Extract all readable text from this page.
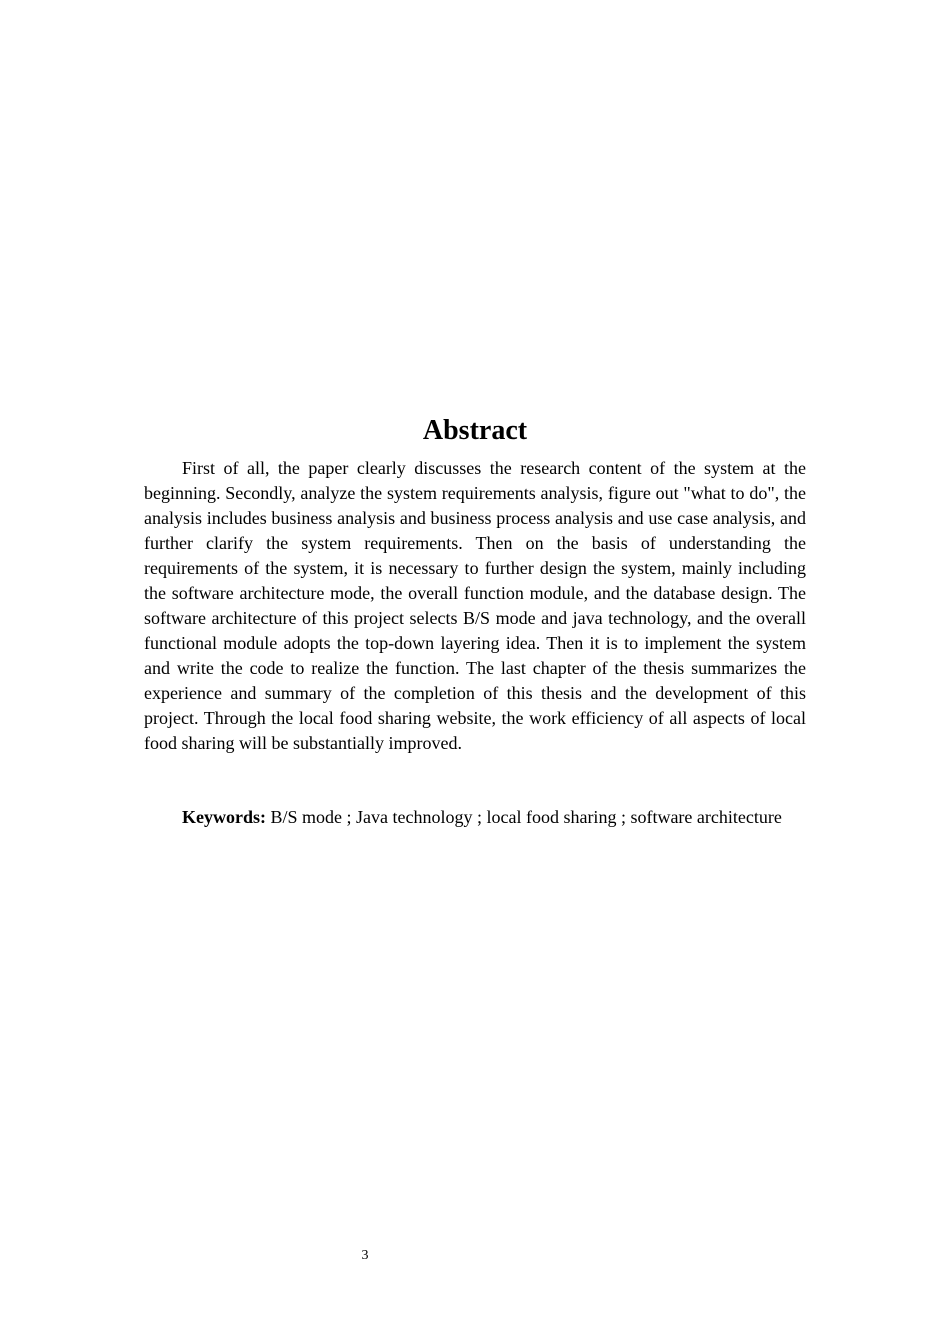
Abstract

First of all, the paper clearly discusses the research content of the system at the beginning. Secondly, analyze the system requirements analysis, figure out "what to do", the analysis includes business analysis and business process analysis and use case analysis, and further clarify the system requirements. Then on the basis of understanding the requirements of the system, it is necessary to further design the system, mainly including the software architecture mode, the overall function module, and the database design. The software architecture of this project selects B/S mode and java technology, and the overall functional module adopts the top-down layering idea. Then it is to implement the system and write the code to realize the function. The last chapter of the thesis summarizes the experience and summary of the completion of this thesis and the development of this project. Through the local food sharing website, the work efficiency of all aspects of local food sharing will be substantially improved.

Keywords: B/S mode ; Java technology ; local food sharing ; software architecture

3
